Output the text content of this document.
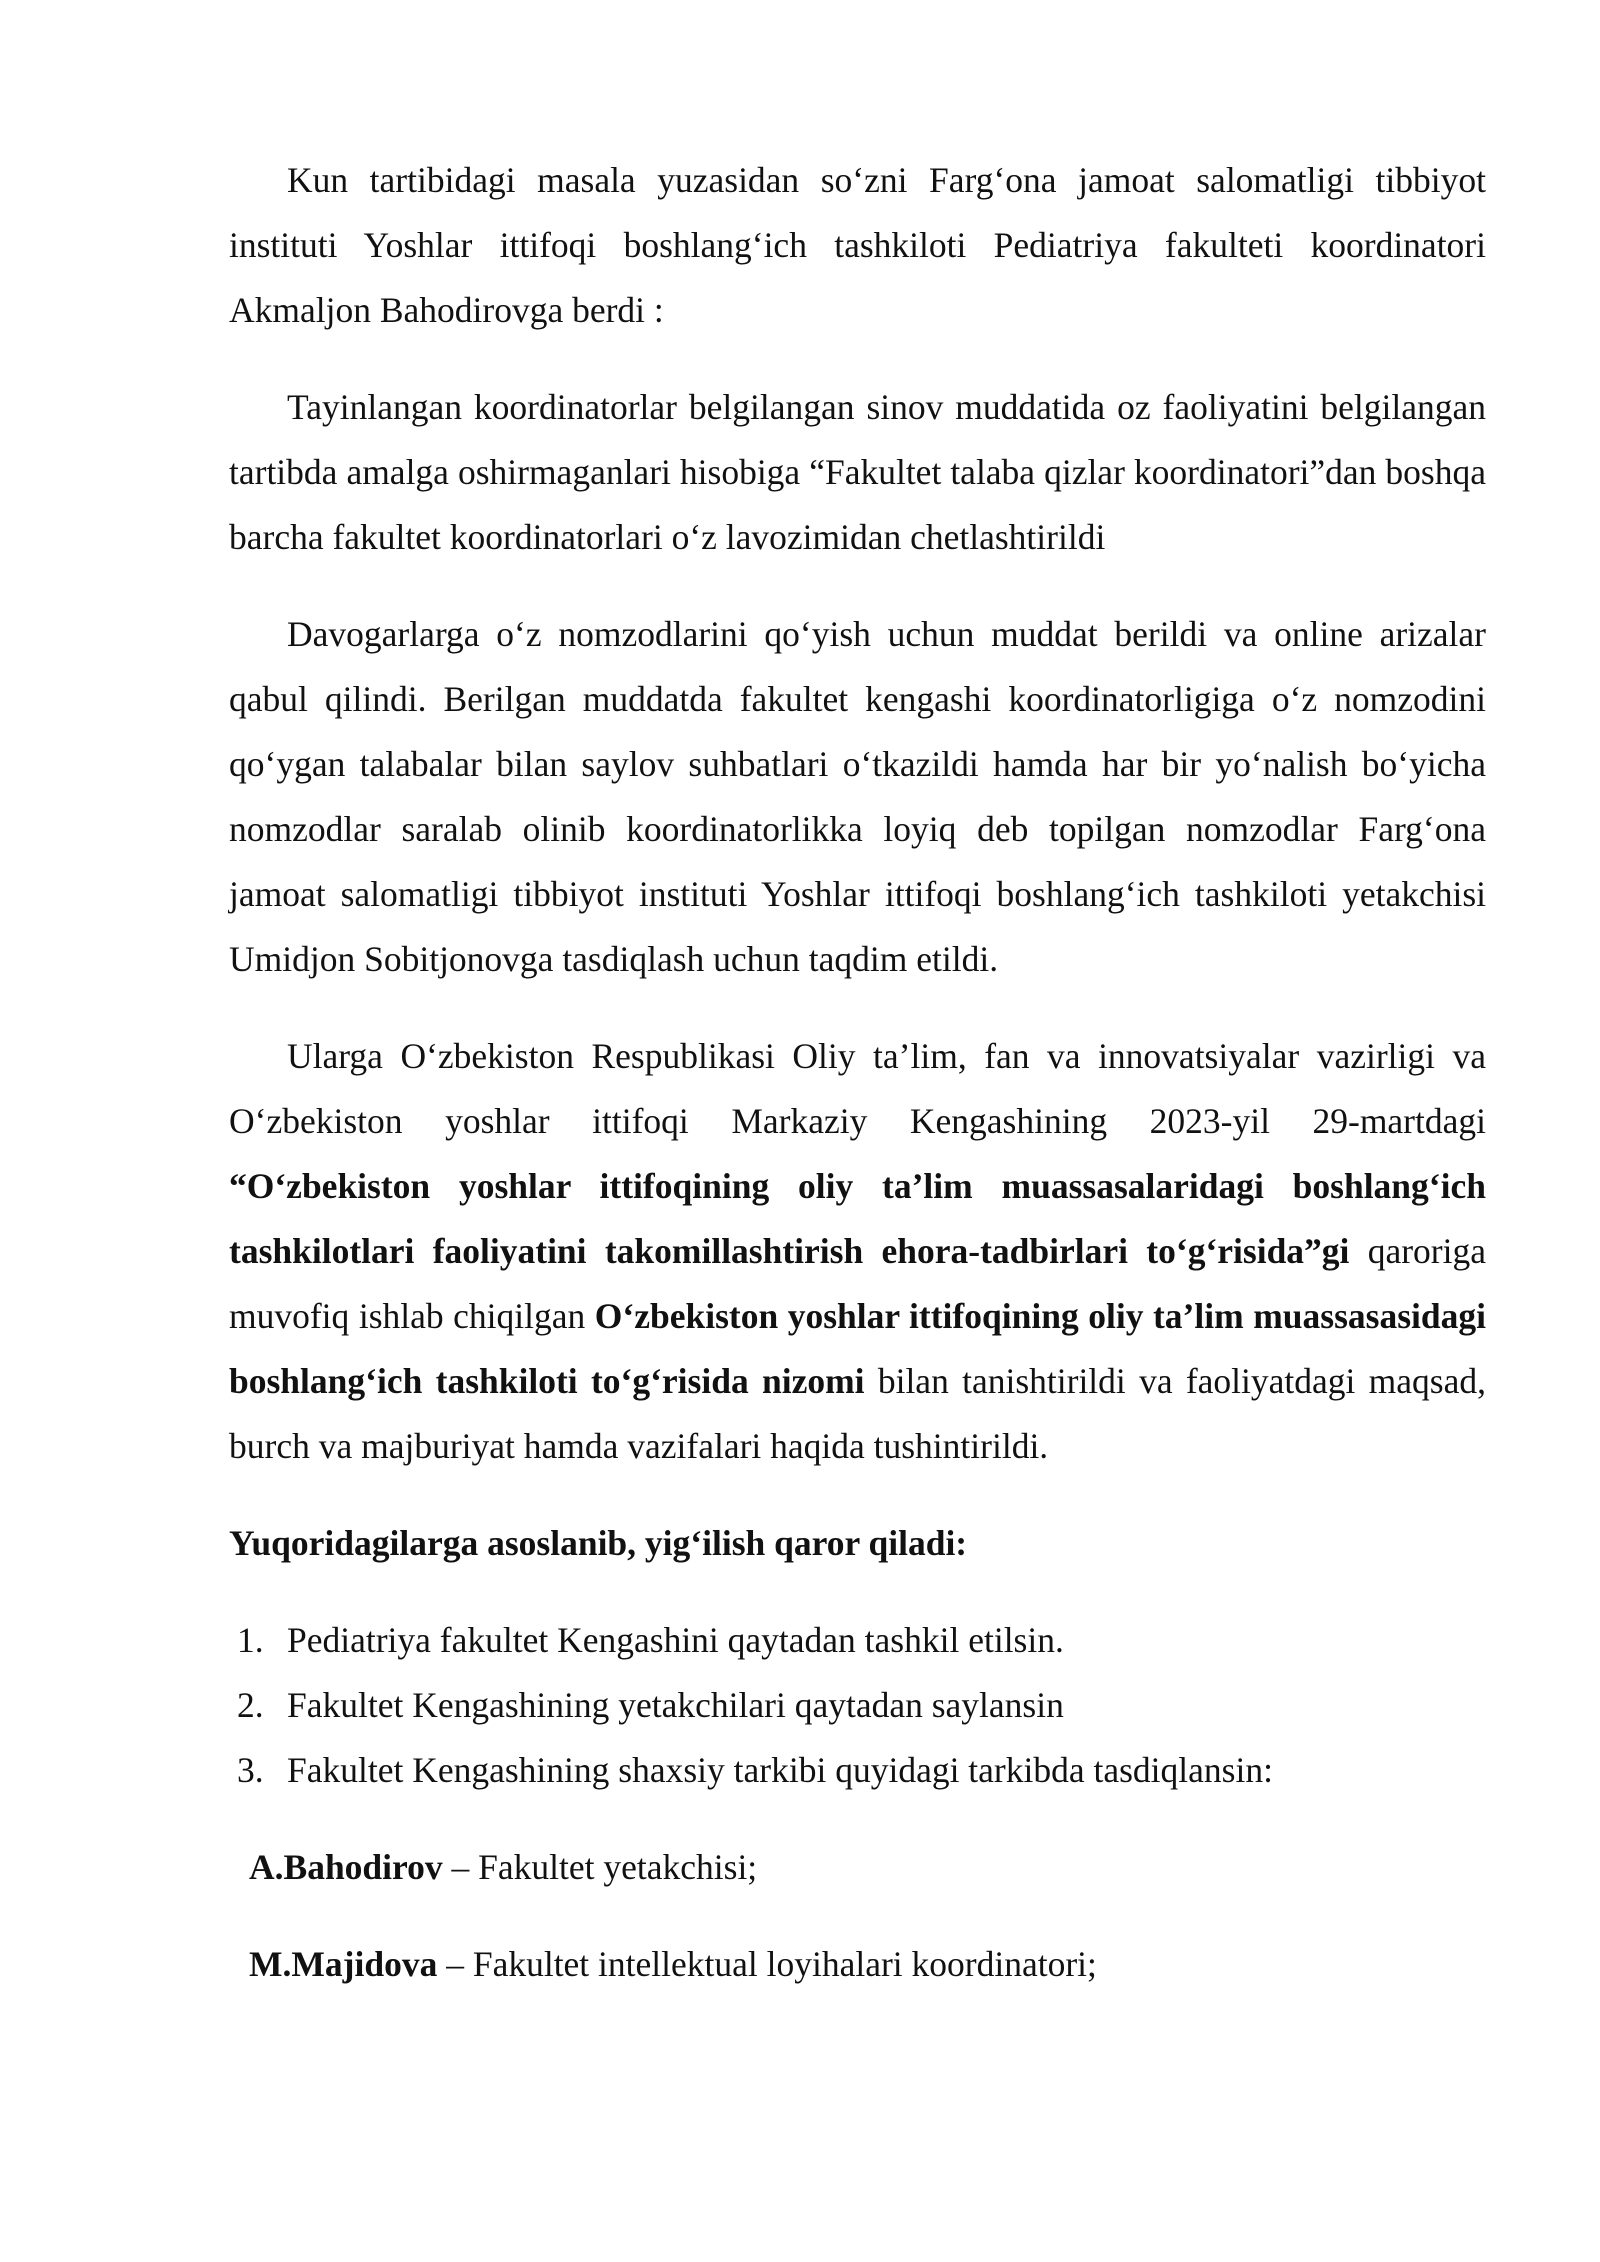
Kun tartibidagi masala yuzasidan so‘zni Farg‘ona jamoat salomatligi tibbiyot instituti Yoshlar ittifoqi boshlang‘ich tashkiloti Pediatriya fakulteti koordinatori Akmaljon Bahodirovga berdi :

Tayinlangan koordinatorlar belgilangan sinov muddatida oz faoliyatini belgilangan tartibda amalga oshirmaganlari hisobiga “Fakultet talaba qizlar koordinatori”dan boshqa barcha fakultet koordinatorlari o‘z lavozimidan chetlashtirildi

Davogarlarga o‘z nomzodlarini qo‘yish uchun muddat berildi va online arizalar qabul qilindi. Berilgan muddatda fakultet kengashi koordinatorligiga o‘z nomzodini qo‘ygan talabalar bilan saylov suhbatlari o‘tkazildi hamda har bir yo‘nalish bo‘yicha nomzodlar saralab olinib koordinatorlikka loyiq deb topilgan nomzodlar Farg‘ona jamoat salomatligi tibbiyot instituti Yoshlar ittifoqi boshlang‘ich tashkiloti yetakchisi Umidjon Sobitjonovga tasdiqlash uchun taqdim etildi.

Ularga O‘zbekiston Respublikasi Oliy ta’lim, fan va innovatsiyalar vazirligi va O‘zbekiston yoshlar ittifoqi Markaziy Kengashining 2023-yil 29-martdagi “O‘zbekiston yoshlar ittifoqining oliy ta’lim muassasalaridagi boshlang‘ich tashkilotlari faoliyatini takomillashtirish ehora-tadbirlari to‘g‘risida”gi qaroriga muvofiq ishlab chiqilgan O‘zbekiston yoshlar ittifoqining oliy ta’lim muassasasidagi boshlang‘ich tashkiloti to‘g‘risida nizomi bilan tanishtirildi va faoliyatdagi maqsad, burch va majburiyat hamda vazifalari haqida tushintirildi.

Yuqoridagilarga asoslanib, yig‘ilish qaror qiladi:

1. Pediatriya fakultet Kengashini qaytadan tashkil etilsin.
2. Fakultet Kengashining yetakchilari qaytadan saylansin
3. Fakultet Kengashining shaxsiy tarkibi quyidagi tarkibda tasdiqlansin:

A.Bahodirov – Fakultet yetakchisi;

M.Majidova – Fakultet intellektual loyihalari koordinatori;
